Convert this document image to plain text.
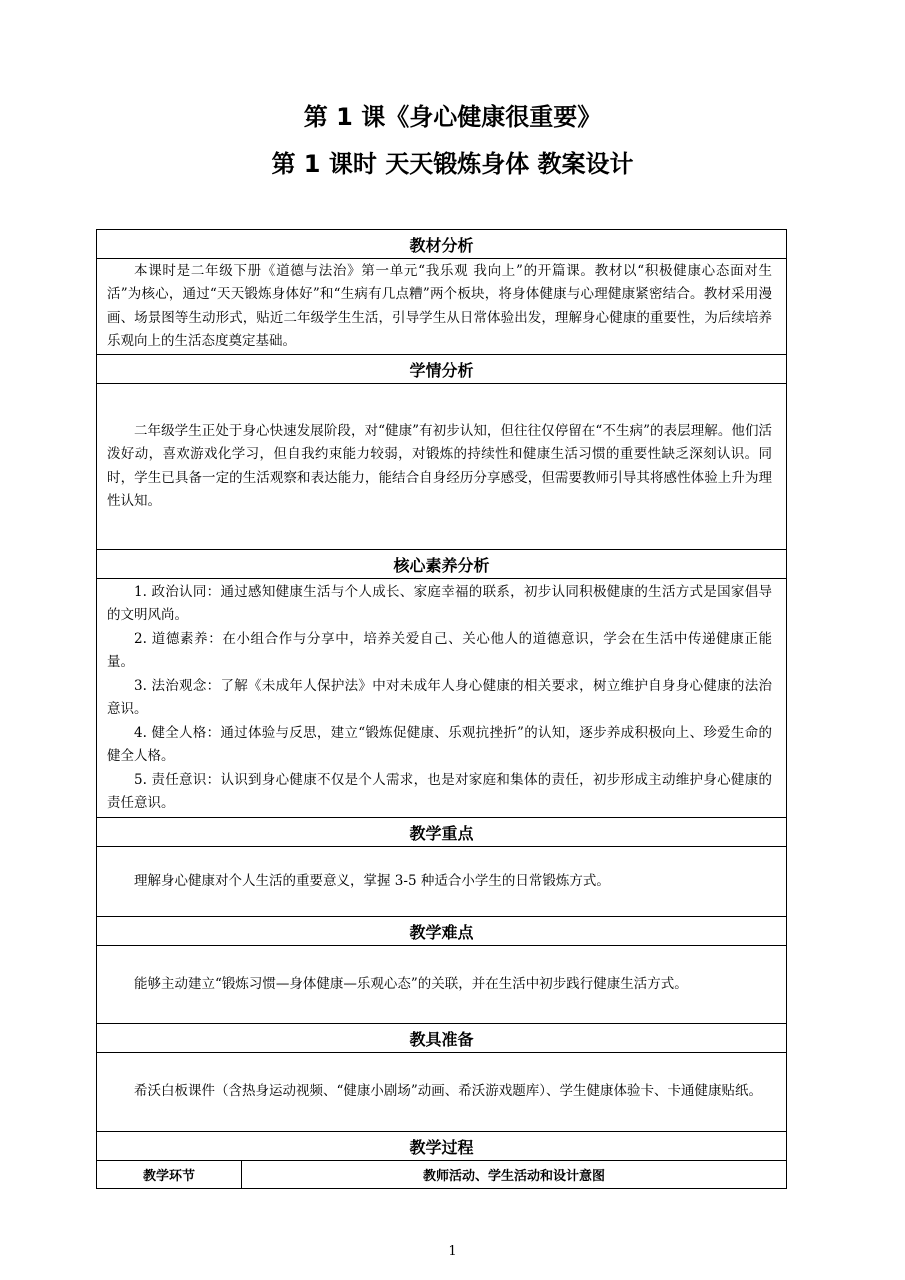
第 1 课《身心健康很重要》
第 1 课时 天天锻炼身体 教案设计
教材分析

本课时是二年级下册《道德与法治》第一单元“我乐观 我向上”的开篇课。教材以“积极健康心态面对生活”为核心，通过“天天锻炼身体好”和“生病有几点糟”两个板块，将身体健康与心理健康紧密结合。教材采用漫画、场景图等生动形式，贴近二年级学生生活，引导学生从日常体验出发，理解身心健康的重要性，为后续培养乐观向上的生活态度奠定基础。

学情分析

二年级学生正处于身心快速发展阶段，对“健康”有初步认知，但往往仅停留在“不生病”的表层理解。他们活泼好动，喜欢游戏化学习，但自我约束能力较弱，对锻炼的持续性和健康生活习惯的重要性缺乏深刻认识。同时，学生已具备一定的生活观察和表达能力，能结合自身经历分享感受，但需要教师引导其将感性体验上升为理性认知。

核心素养分析

1. 政治认同：通过感知健康生活与个人成长、家庭幸福的联系，初步认同积极健康的生活方式是国家倡导的文明风尚。

2. 道德素养：在小组合作与分享中，培养关爱自己、关心他人的道德意识，学会在生活中传递健康正能量。

3. 法治观念：了解《未成年人保护法》中对未成年人身心健康的相关要求，树立维护自身身心健康的法治意识。

4. 健全人格：通过体验与反思，建立“锻炼促健康、乐观抗挫折”的认知，逐步养成积极向上、珍爱生命的健全人格。

5. 责任意识：认识到身心健康不仅是个人需求，也是对家庭和集体的责任，初步形成主动维护身心健康的责任意识。

教学重点

理解身心健康对个人生活的重要意义，掌握 3-5 种适合小学生的日常锻炼方式。

教学难点

能够主动建立“锻炼习惯—身体健康—乐观心态”的关联，并在生活中初步践行健康生活方式。

教具准备

希沃白板课件（含热身运动视频、“健康小剧场”动画、希沃游戏题库）、学生健康体验卡、卡通健康贴纸。

教学过程
教学环节	教师活动、学生活动和设计意图
1
